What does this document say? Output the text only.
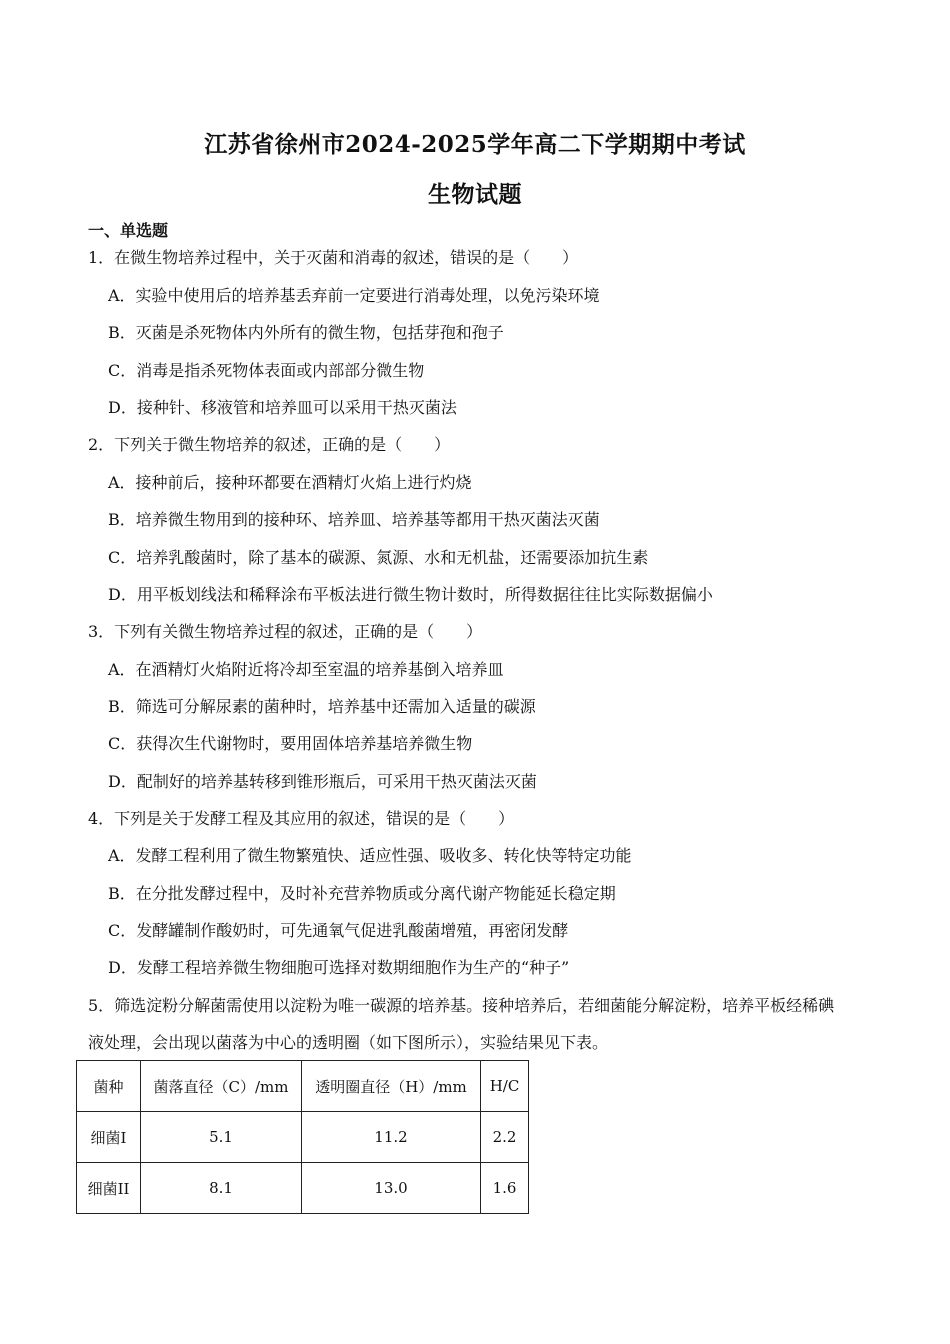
江苏省徐州市2024-2025学年高二下学期期中考试
生物试题
一、单选题
1．在微生物培养过程中，关于灭菌和消毒的叙述，错误的是（　　）
A．实验中使用后的培养基丢弃前一定要进行消毒处理，以免污染环境
B．灭菌是杀死物体内外所有的微生物，包括芽孢和孢子
C．消毒是指杀死物体表面或内部部分微生物
D．接种针、移液管和培养皿可以采用干热灭菌法
2．下列关于微生物培养的叙述，正确的是（　　）
A．接种前后，接种环都要在酒精灯火焰上进行灼烧
B．培养微生物用到的接种环、培养皿、培养基等都用干热灭菌法灭菌
C．培养乳酸菌时，除了基本的碳源、氮源、水和无机盐，还需要添加抗生素
D．用平板划线法和稀释涂布平板法进行微生物计数时，所得数据往往比实际数据偏小
3．下列有关微生物培养过程的叙述，正确的是（　　）
A．在酒精灯火焰附近将冷却至室温的培养基倒入培养皿
B．筛选可分解尿素的菌种时，培养基中还需加入适量的碳源
C．获得次生代谢物时，要用固体培养基培养微生物
D．配制好的培养基转移到锥形瓶后，可采用干热灭菌法灭菌
4．下列是关于发酵工程及其应用的叙述，错误的是（　　）
A．发酵工程利用了微生物繁殖快、适应性强、吸收多、转化快等特定功能
B．在分批发酵过程中，及时补充营养物质或分离代谢产物能延长稳定期
C．发酵罐制作酸奶时，可先通氧气促进乳酸菌增殖，再密闭发酵
D．发酵工程培养微生物细胞可选择对数期细胞作为生产的“种子”
5．筛选淀粉分解菌需使用以淀粉为唯一碳源的培养基。接种培养后，若细菌能分解淀粉，培养平板经稀碘
液处理，会出现以菌落为中心的透明圈（如下图所示），实验结果见下表。
菌种	菌落直径（C）/mm	透明圈直径（H）/mm	H/C
细菌I	5.1	11.2	2.2
细菌II	8.1	13.0	1.6
